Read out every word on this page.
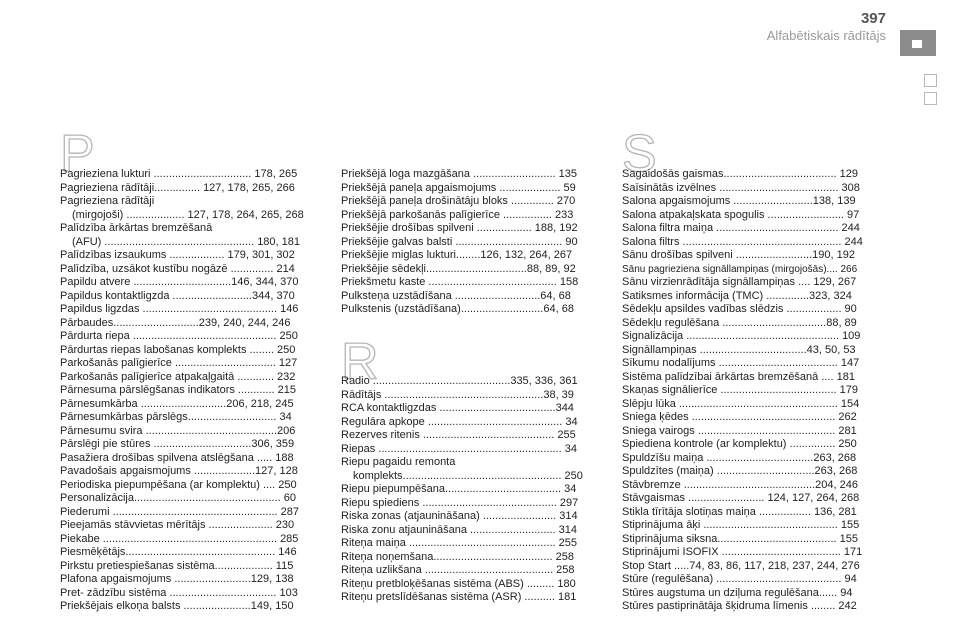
397
Alfabētiskais rādītājs
P
Pagrieziena lukturi ................................ 178, 265
Pagrieziena rādītāji............... 127, 178, 265, 266
Pagrieziena rādītāji
(mirgojoši) ................... 127, 178, 264, 265, 268
Palīdzība ārkārtas bremzēšanā
(AFU) ................................................. 180, 181
Palīdzības izsaukums .................. 179, 301, 302
Palīdzība, uzsākot kustību nogāzē .............. 214
Papildu atvere ................................146, 344, 370
Papildus kontaktligzda ..........................344, 370
Papildus ligzdas ............................................ 146
Pārbaudes............................239, 240, 244, 246
Pārdurta riepa ............................................... 250
Pārdurtas riepas labošanas komplekts ........ 250
Parkošanās palīgierīce ................................. 127
Parkošanās palīgierīce atpakaļgaitā ............ 232
Pārnesuma pārslēgšanas indikators ............ 215
Pārnesumkārba ............................206, 218, 245
Pārnesumkārbas pārslēgs............................. 34
Pārnesumu svira ...........................................206
Pārslēgi pie stūres ................................306, 359
Pasažiera drošības spilvena atslēgšana ..... 188
Pavadošais apgaismojums ....................127, 128
Periodiska piepumpēšana (ar komplektu) .... 250
Personalizācija................................................ 60
Piederumi ...................................................... 287
Pieejamās stāvvietas mērītājs ..................... 230
Piekabe ......................................................... 285
Piesmēķētājs................................................. 146
Pirkstu pretiespiešanas sistēma................... 115
Plafona apgaismojums .........................129, 138
Pret- zādzību sistēma ................................... 103
Priekšējais elkoņa balsts ......................149, 150
Priekšējā loga mazgāšana ........................... 135
Priekšējā paneļa apgaismojums .................... 59
Priekšējā paneļa drošinātāju bloks .............. 270
Priekšējā parkošanās palīgierīce ................ 233
Priekšējie drošības spilveni .................. 188, 192
Priekšējie galvas balsti ................................... 90
Priekšējie miglas lukturi........126, 132, 264, 267
Priekšējie sēdekļi.................................88, 89, 92
Priekšmetu kaste .......................................... 158
Pulksteņa uzstādīšana ............................64, 68
Pulkstenis (uzstādīšana)...........................64, 68
R
Radio .............................................335, 336, 361
Rādītājs ....................................................38, 39
RCA kontaktligzdas ......................................344
Regulāra apkope ............................................ 34
Rezerves ritenis ........................................... 255
Riepas ............................................................ 34
Riepu pagaidu remonta
komplekts.................................................... 250
Riepu piepumpēšana...................................... 34
Riepu spiediens ............................................ 297
Riska zonas (atjaunināšana) ........................ 314
Riska zonu atjaunināšana ............................ 314
Riteņa maiņa ................................................ 255
Riteņa noņemšana....................................... 258
Riteņa uzlikšana .......................................... 258
Riteņu pretbloķēšanas sistēma (ABS) ......... 180
Riteņu pretslīdēšanas sistēma (ASR) .......... 181
S
Sagaidošās gaismas..................................... 129
Saīsinātās izvēlnes ....................................... 308
Salona apgaismojums ..........................138, 139
Salona atpakaļskata spogulis ......................... 97
Salona filtra maiņa ........................................ 244
Salona filtrs .................................................... 244
Sānu drošības spilveni .........................190, 192
Sānu pagrieziena signāllampiņas (mirgojošās).... 266
Sānu virzienrādītāja signāllampiņas .... 129, 267
Satiksmes informācija (TMC) ..............323, 324
Sēdekļu apsildes vadības slēdzis .................. 90
Sēdekļu regulēšana ..................................88, 89
Signalizācija .................................................. 109
Signāllampiņas ...................................43, 50, 53
Sīkumu nodalījums ....................................... 147
Sistēma palīdzībai ārkārtas bremzēšanā .... 181
Skaņas signālierīce ...................................... 179
Slēpju lūka .................................................... 154
Sniega ķēdes ............................................... 262
Sniega vairogs ............................................. 281
Spiediena kontrole (ar komplektu) ............... 250
Spuldzīšu maiņa ...................................263, 268
Spuldzītes (maiņa) ................................263, 268
Stāvbremze ...........................................204, 246
Stāvgaismas ......................... 124, 127, 264, 268
Stikla tīrītāja slotiņas maiņa ................. 136, 281
Stiprinājuma āķi ............................................ 155
Stiprinājuma siksna....................................... 155
Stiprinājumi ISOFIX ....................................... 171
Stop Start .....74, 83, 86, 117, 218, 237, 244, 276
Stūre (regulēšana) ......................................... 94
Stūres augstuma un dziļuma regulēšana...... 94
Stūres pastiprinātāja šķidruma līmenis ........ 242
